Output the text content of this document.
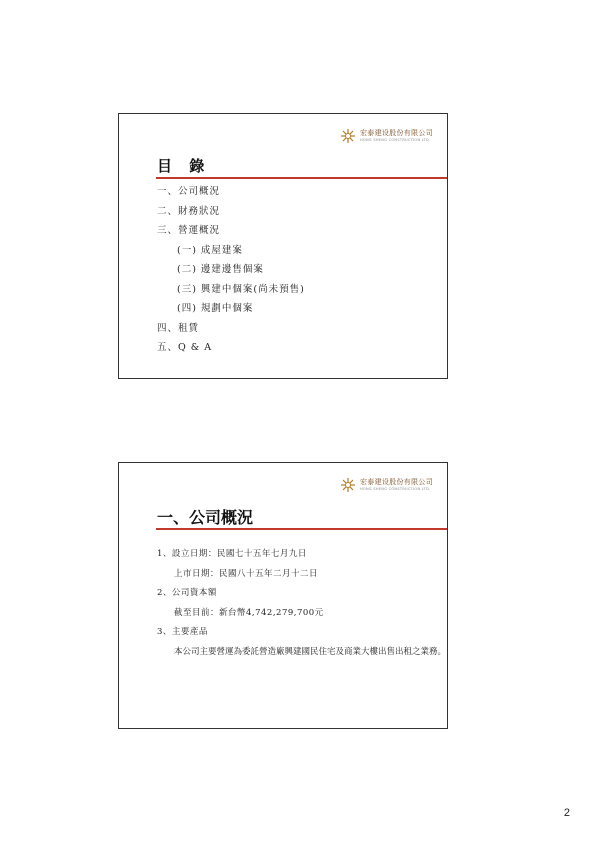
宏泰建设股份有限公司
HONG SHENG CONSTRUCTION LTD.
目 錄
一、公司概況
二、財務狀況
三、營運概況
(一) 成屋建案
(二) 邊建邊售個案
(三) 興建中個案(尚未預售)
(四) 規劃中個案
四、租賃
五、Q & A
宏泰建设股份有限公司
HONG SHENG CONSTRUCTION LTD.
一、公司概況
1、設立日期：民國七十五年七月九日
上市日期：民國八十五年二月十二日
2、公司資本額
截至目前：新台幣4,742,279,700元
3、主要產品
本公司主要營運為委託營造廠興建國民住宅及商業大樓出售出租之業務。
2
